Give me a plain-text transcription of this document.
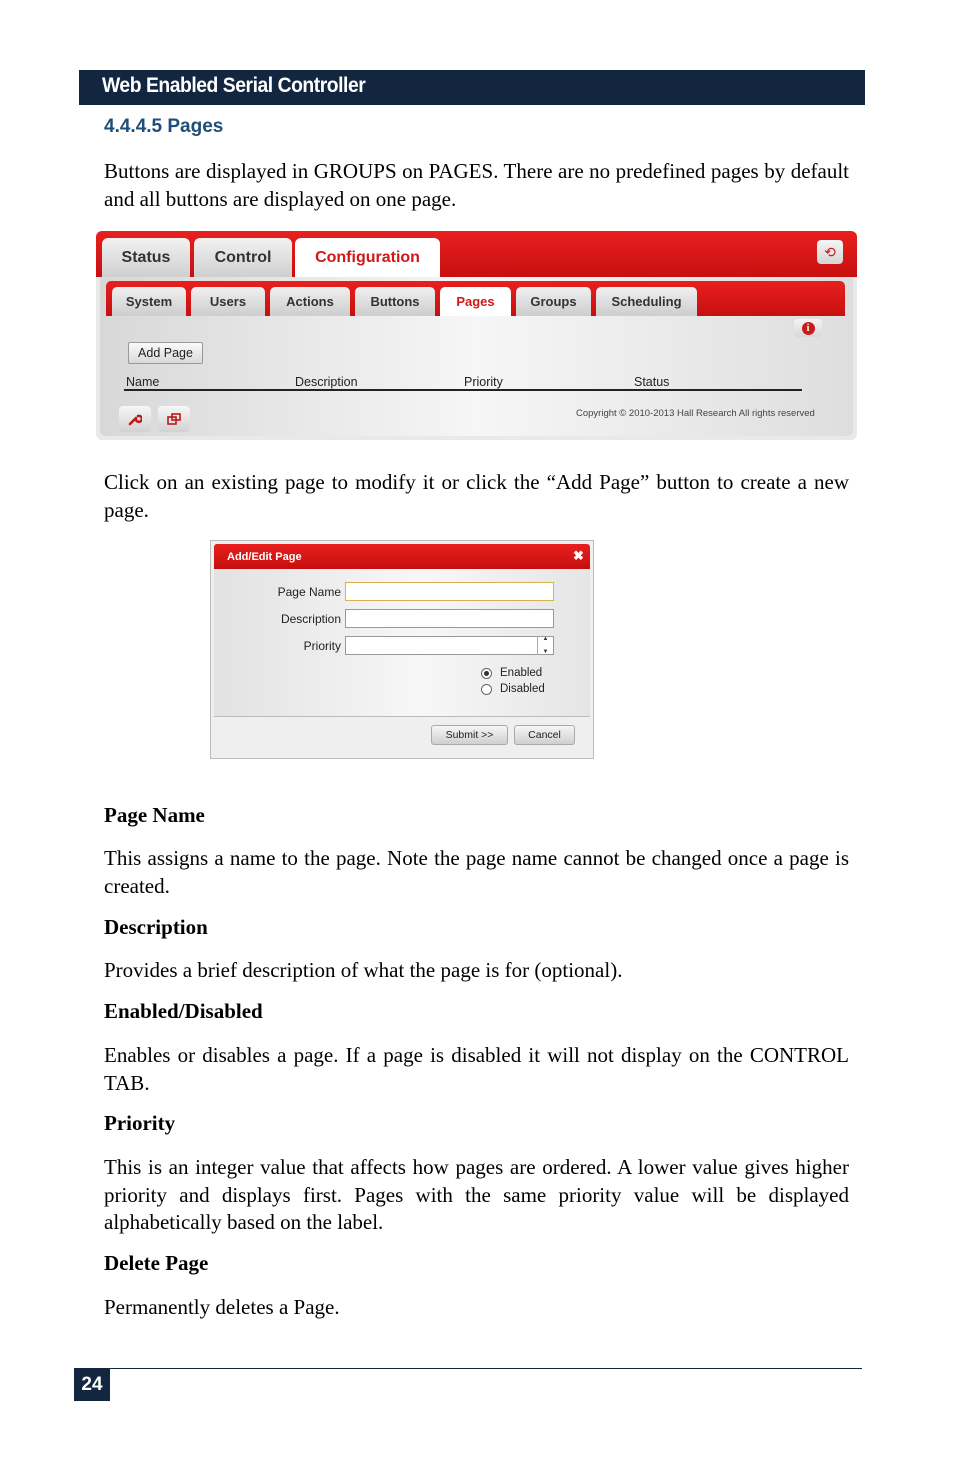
Web Enabled Serial Controller
4.4.4.5 Pages

Buttons are displayed in GROUPS on PAGES. There are no predefined pages by default and all buttons are displayed on one page.

Status	Control	Configuration	⟲
System	Users	Actions	Buttons	Pages	Groups	Scheduling
i
Add Page
Name	Description	Priority	Status
Copyright © 2010-2013 Hall Research All rights reserved

Click on an existing page to modify it or click the “Add Page” button to create a new page.

Add/Edit Page	✖
Page Name
Description
Priority	▲
▼
Enabled
Disabled
Submit >>	Cancel

Page Name

This assigns a name to the page. Note the page name cannot be changed once a page is created.

Description

Provides a brief description of what the page is for (optional).

Enabled/Disabled

Enables or disables a page. If a page is disabled it will not display on the CONTROL TAB.

Priority

This is an integer value that affects how pages are ordered. A lower value gives higher priority and displays first. Pages with the same priority value will be displayed alphabetically based on the label.

Delete Page

Permanently deletes a Page.

24
